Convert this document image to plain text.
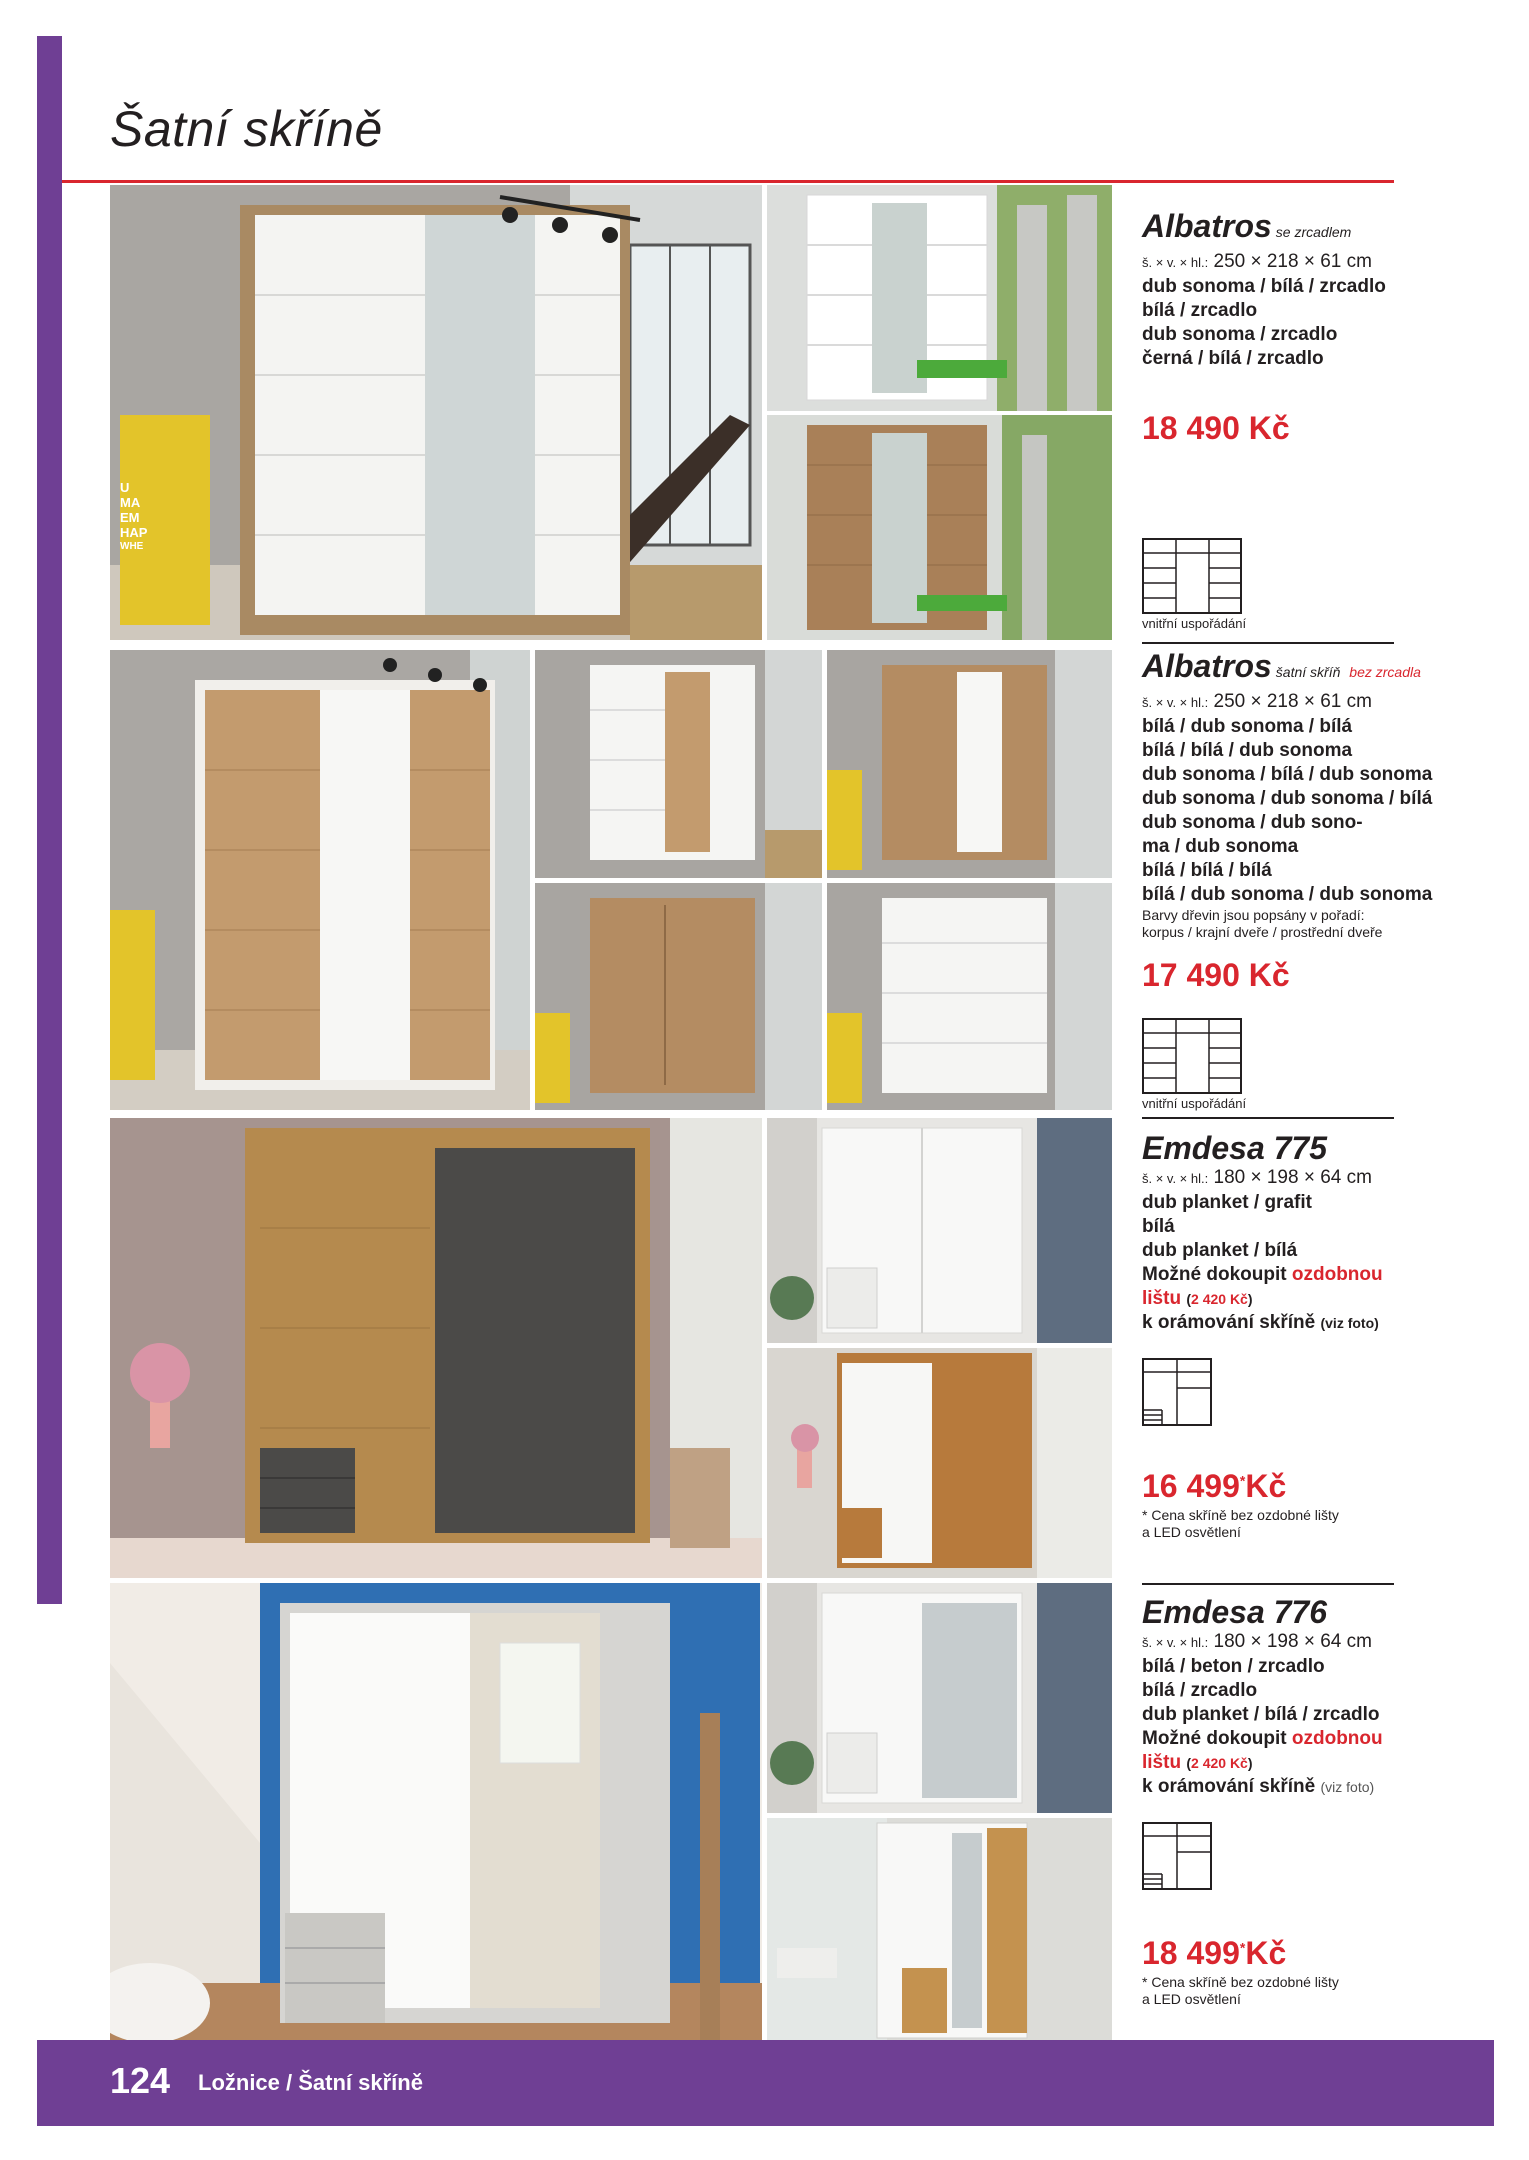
Šatní skříně
U
MA
EM
HAP
WHE
Albatros se zrcadlem
š. × v. × hl.: 250 × 218 × 61 cm
dub sonoma / bílá / zrcadlo
bílá / zrcadlo
dub sonoma / zrcadlo
černá / bílá / zrcadlo
18 490 Kč
vnitřní uspořádání
Albatros šatní skříň bez zrcadla
š. × v. × hl.: 250 × 218 × 61 cm
bílá / dub sonoma / bílá
bílá / bílá / dub sonoma
dub sonoma / bílá / dub sonoma
dub sonoma / dub sonoma / bílá
dub sonoma / dub sono-
ma / dub sonoma
bílá / bílá / bílá
bílá / dub sonoma / dub sonoma
Barvy dřevin jsou popsány v pořadí:
korpus / krajní dveře / prostřední dveře
17 490 Kč
vnitřní uspořádání
Emdesa 775
š. × v. × hl.: 180 × 198 × 64 cm
dub planket / grafit
bílá
dub planket / bílá
Možné dokoupit ozdobnou
lištu (2 420 Kč)
k orámování skříně (viz foto)
16 499*Kč
* Cena skříně bez ozdobné lišty
a LED osvětlení
Emdesa 776
š. × v. × hl.: 180 × 198 × 64 cm
bílá / beton / zrcadlo
bílá / zrcadlo
dub planket / bílá / zrcadlo
Možné dokoupit ozdobnou
lištu (2 420 Kč)
k orámování skříně (viz foto)
18 499*Kč
* Cena skříně bez ozdobné lišty
a LED osvětlení
124 Ložnice / Šatní skříně
